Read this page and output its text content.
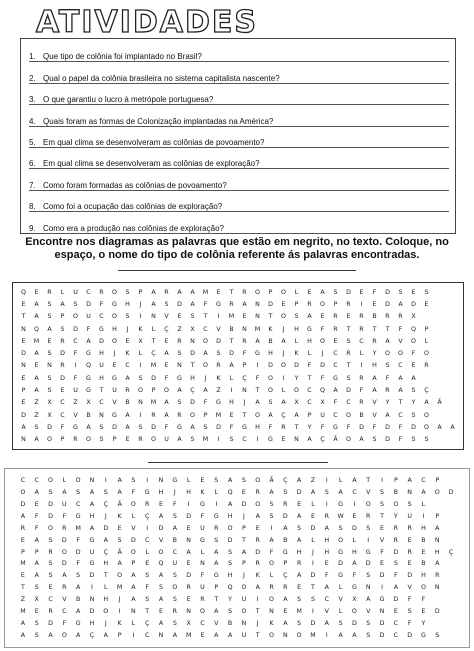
ATIVIDADES
1. Que tipo de colônia foi implantado no Brasil?
2. Qual o papel da colônia brasileira no sistema capitalista nascente?
3. O que garantiu o lucro à metrópole portuguesa?
4. Quais foram as formas de Colonização implantadas na América?
5. Em qual clima se desenvolveram as colônias de povoamento?
6. Em qual clima se desenvolveram as colônias de exploração?
7. Como foram formadas as colônias de povoamento?
8. Como foi a ocupação das colônias de exploração?
9. Como era a produção nas colônias de exploração?
Encontre nos diagramas as palavras que estão em negrito, no texto. Coloque, no espaço, o nome do tipo de colônia referente ás palavras encontradas.
Q	E	R	L	U	C	R	O	S	P	A	R	A	A	M	E	T	R	O	P	O	L	E	A	S	D	E	F	D	S	E	S
E	A	S	A	S	D	F	G	H	J	A	S	D	A	F	G	R	A	N	D	E	P	R	O	P	R	I	E	D	A	D	E
T	A	S	P	O	U	C	O	S	I	N	V	E	S	T	I	M	E	N	T	O	S	A	E	R	E	R	B	R	R	X
N	Q	A	S	D	F	G	H	J	K	L	Ç	Z	X	C	V	B	N	M	K	J	H	G	F	R	T	R	T	T	F	Q	P
E	M	E	R	C	A	D	O	E	X	T	E	R	N	O	D	T	R	A	B	A	L	H	O	E	S	C	R	A	V	O	L
D	A	S	D	F	G	H	J	K	L	Ç	A	S	D	A	S	D	F	G	H	J	K	L	J	C	R	L	Y	O	O	F	O
N	E	N	R	I	Q	U	E	C	I	M	E	N	T	O	R	A	P	I	D	O	D	F	D	C	T	I	H	S	C	E	R
E	A	S	D	F	G	H	G	A	S	D	F	G	H	J	K	L	Ç	F	O	I	Y	T	F	G	S	R	A	F	A	A
P	A	S	E	U	G	T	U	R	O	P	O	A	Ç	A	Z	I	N	T	O	L	O	C	Q	A	D	F	A	R	A	S	Ç
E	Z	X	C	Z	X	C	V	B	N	M	A	S	D	F	G	H	J	A	S	A	X	C	X	F	C	R	V	Y	T	Y	A	Ã
D	Z	X	C	V	B	N	G	A	I	R	A	R	O	P	M	E	T	O	A	Ç	A	P	U	C	O	B	V	A	C	S	O
A	S	D	F	G	A	S	D	A	S	D	F	G	A	S	D	F	G	H	F	R	T	Y	F	G	F	D	F	D	F	D	O	A	A
N	A	O	P	R	O	S	P	E	R	O	U	A	S	M	I	S	C	I	G	E	N	A	Ç	Ã	O	A	S	D	F	S	S
C	C	O	L	O	N	I	A	S	I	N	G	L	E	S	A	S	O	Ã	Ç	A	Z	I	L	A	T	I	P	A	C	P
O	A	S	A	S	A	S	A	F	G	H	J	H	K	L	Q	E	R	A	S	D	A	S	A	C	V	S	B	N	A	O	D
D	E	D	U	C	A	Ç	Ã	O	R	E	F	I	G	I	A	D	O	S	R	E	L	I	G	I	O	S	O	S	L
A	F	D	F	G	H	J	K	L	Ç	A	S	D	F	G	H	J	A	S	D	A	E	R	W	E	R	T	Y	U	I	P
R	F	O	R	M	A	D	E	V	I	D	A	E	U	R	O	P	E	I	A	S	D	A	S	D	S	E	R	R	H	A
E	A	S	D	F	G	A	S	D	C	V	B	N	G	S	D	T	R	A	B	A	L	H	O	L	I	V	R	E	B	N
P	P	R	O	D	U	Ç	Ã	O	L	O	C	A	L	A	S	A	D	F	G	H	J	H	G	H	G	F	D	R	E	H	Ç
M	A	S	D	F	G	H	A	P	E	Q	U	E	N	A	S	P	R	O	P	R	I	E	D	A	D	E	S	E	B	A
E	A	S	A	S	D	T	O	A	S	A	S	D	F	G	H	J	K	L	Ç	A	D	F	G	F	S	D	F	D	H	R
T	S	E	R	A	I	L	M	A	F	S	O	R	U	P	Q	O	A	R	R	E	T	A	L	G	N	I	A	V	O	N
Z	X	C	V	B	N	H	J	A	S	A	S	E	R	T	Y	U	I	O	A	S	S	C	V	X	A	G	D	F	F
M	E	R	C	A	D	O	I	N	T	E	R	N	O	A	S	O	T	N	E	M	I	V	L	O	V	N	E	S	E	D
A	S	D	F	G	H	J	K	L	Ç	A	S	X	C	V	B	N	J	K	A	S	D	A	S	D	S	D	C	F	Y
A	S	A	O	A	Ç	A	P	I	C	N	A	M	E	A	A	U	T	O	N	O	M	I	A	A	S	D	C	D	G	S
